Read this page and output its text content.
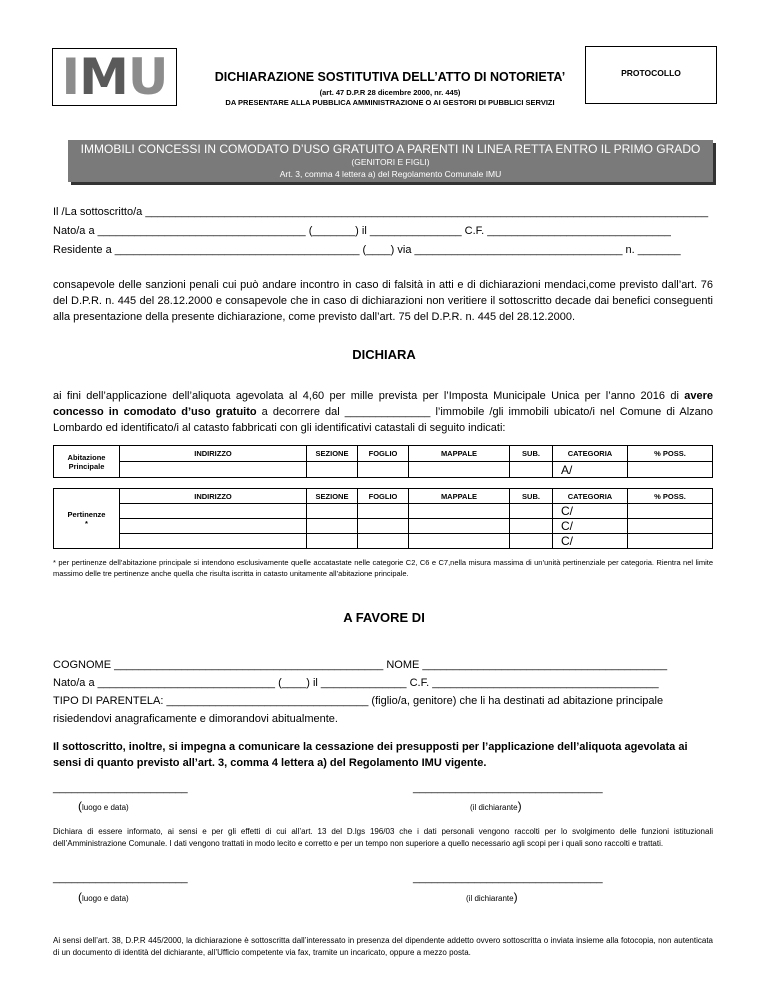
I M U	DICHIARAZIONE SOSTITUTIVA DELL’ATTO DI NOTORIETA’
(art. 47 D.P.R 28 dicembre 2000, nr. 445)
DA PRESENTARE ALLA PUBBLICA AMMINISTRAZIONE O AI GESTORI DI PUBBLICI SERVIZI
PROTOCOLLO
IMMOBILI CONCESSI IN COMODATO D’USO GRATUITO A PARENTI IN LINEA RETTA ENTRO IL PRIMO GRADO
(GENITORI E FIGLI)
Art. 3, comma 4 lettera a) del Regolamento Comunale IMU
Il /La sottoscritto/a ____________________________________________________________________________________________
Nato/a a __________________________________ (_______) il _______________ C.F. ______________________________
Residente a ________________________________________ (____) via __________________________________ n. _______
consapevole delle sanzioni penali cui può andare incontro in caso di falsità in atti e di dichiarazioni mendaci,come previsto dall’art. 76 del D.P.R. n. 445 del 28.12.2000 e consapevole che in caso di dichiarazioni non veritiere il sottoscritto decade dai benefici conseguenti alla presentazione della presente dichiarazione, come previsto dall’art. 75 del D.P.R. n. 445 del 28.12.2000.
DICHIARA
ai fini dell’applicazione dell’aliquota agevolata al 4,60 per mille prevista per l’Imposta Municipale Unica per l’anno 2016 di avere concesso in comodato d’uso gratuito a decorrere dal ______________ l’immobile /gli immobili ubicato/i nel Comune di Alzano Lombardo ed identificato/i al catasto fabbricati con gli identificativi catastali di seguito indicati:
Abitazione Principale	INDIRIZZO	SEZIONE	FOGLIO	MAPPALE	SUB.	CATEGORIA	% POSS.
						A/	
Pertinenze
*	INDIRIZZO	SEZIONE	FOGLIO	MAPPALE	SUB.	CATEGORIA	% POSS.
						C/	
						C/	
						C/	
* per pertinenze dell’abitazione principale si intendono esclusivamente quelle accatastate nelle categorie C2, C6 e C7,nella misura massima di un’unità pertinenziale per categoria. Rientra nel limite massimo delle tre pertinenze anche quella che risulta iscritta in catasto unitamente all’abitazione principale.
A FAVORE DI
COGNOME ____________________________________________ NOME ________________________________________
Nato/a a _____________________________ (____) il ______________ C.F. _____________________________________
TIPO DI PARENTELA: _________________________________ (figlio/a, genitore) che li ha destinati ad abitazione principale
risiedendovi anagraficamente e dimorandovi abitualmente.
Il sottoscritto, inoltre, si impegna a comunicare la cessazione dei presupposti per l’applicazione dell’aliquota agevolata ai sensi di quanto previsto all’art. 3, comma 4 lettera a) del Regolamento IMU vigente.
______________________	_______________________________
(luogo e data)	(il dichiarante)
Dichiara di essere informato, ai sensi e per gli effetti di cui all’art. 13 del D.lgs 196/03 che i dati personali vengono raccolti per lo svolgimento delle funzioni istituzionali dell’Amministrazione Comunale. I dati vengono trattati in modo lecito e corretto e per un tempo non superiore a quello necessario agli scopi per i quali sono raccolti e trattati.
______________________	_______________________________
(luogo e data)	(il dichiarante)
Ai sensi dell’art. 38, D.P.R 445/2000, la dichiarazione è sottoscritta dall’interessato in presenza del dipendente addetto ovvero sottoscritta o inviata insieme alla fotocopia, non autenticata di un documento di identità del dichiarante, all’Ufficio competente via fax, tramite un incaricato, oppure a mezzo posta.
